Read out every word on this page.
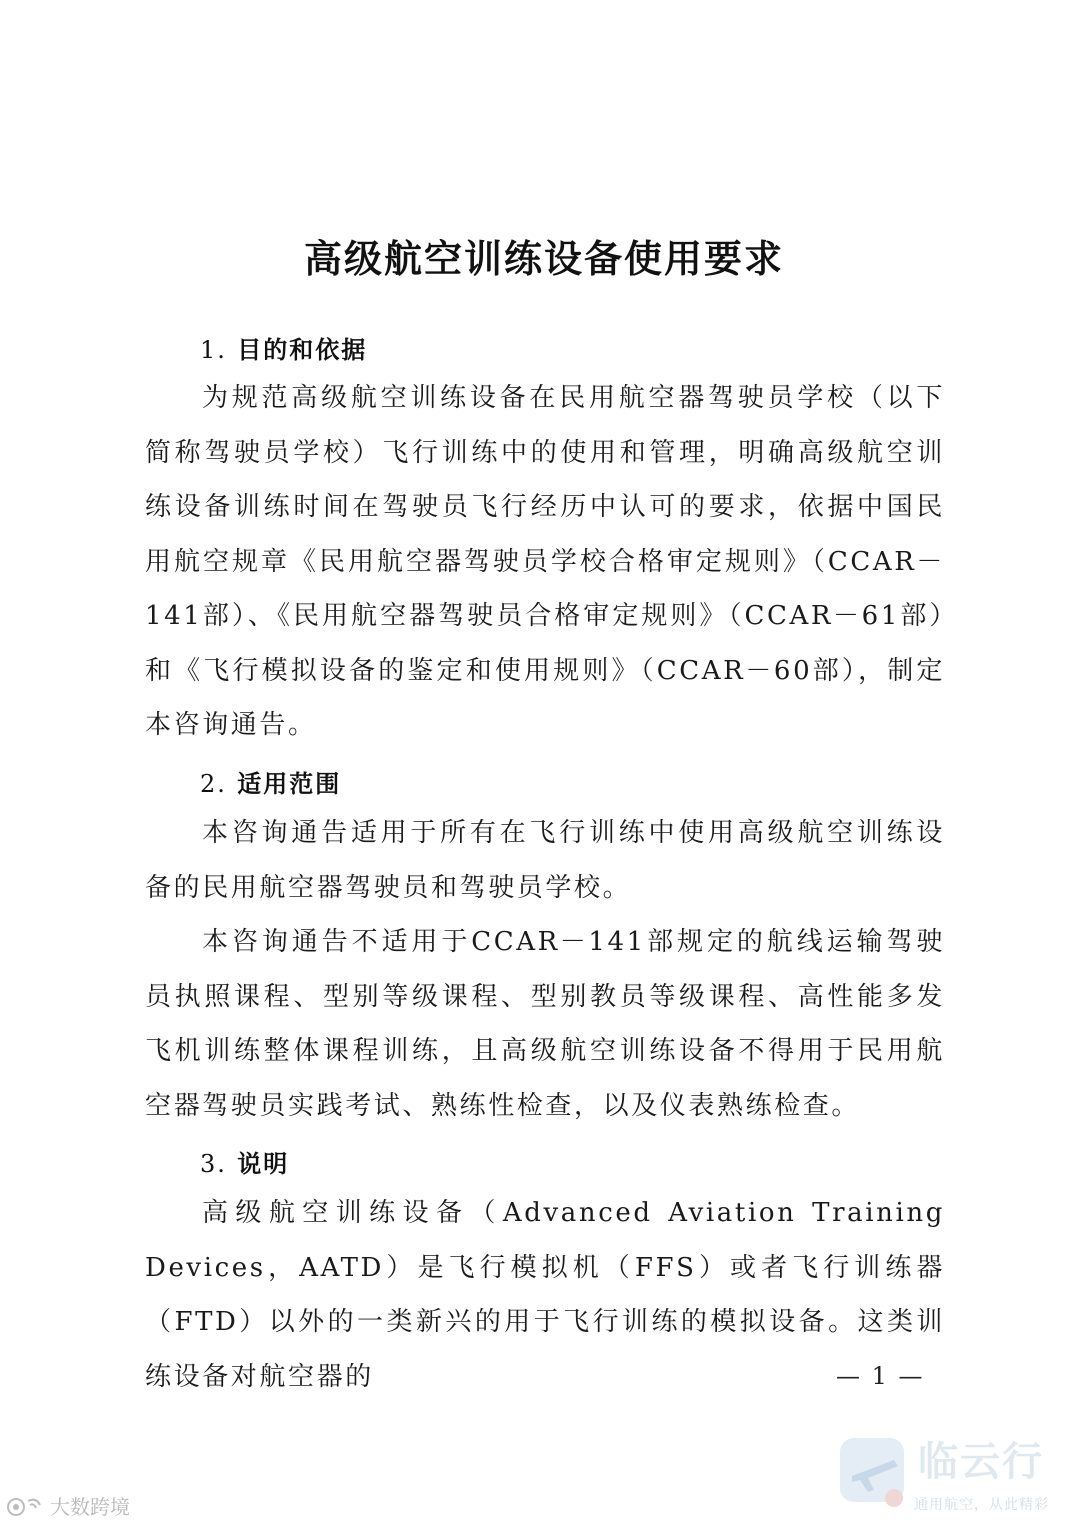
高级航空训练设备使用要求
1. 目的和依据
为规范高级航空训练设备在民用航空器驾驶员学校（以下简称驾驶员学校）飞行训练中的使用和管理，明确高级航空训练设备训练时间在驾驶员飞行经历中认可的要求，依据中国民用航空规章《民用航空器驾驶员学校合格审定规则》（CCAR－141部）、《民用航空器驾驶员合格审定规则》（CCAR－61部）和《飞行模拟设备的鉴定和使用规则》（CCAR－60部），制定本咨询通告。
2. 适用范围
本咨询通告适用于所有在飞行训练中使用高级航空训练设备的民用航空器驾驶员和驾驶员学校。
本咨询通告不适用于CCAR－141部规定的航线运输驾驶员执照课程、型别等级课程、型别教员等级课程、高性能多发飞机训练整体课程训练，且高级航空训练设备不得用于民用航空器驾驶员实践考试、熟练性检查，以及仪表熟练检查。
3. 说明
高级航空训练设备（Advanced Aviation Training Devices，AATD）是飞行模拟机（FFS）或者飞行训练器（FTD）以外的一类新兴的用于飞行训练的模拟设备。这类训练设备对航空器的	— 1 —
大数跨境
临云行
通用航空，从此精彩
